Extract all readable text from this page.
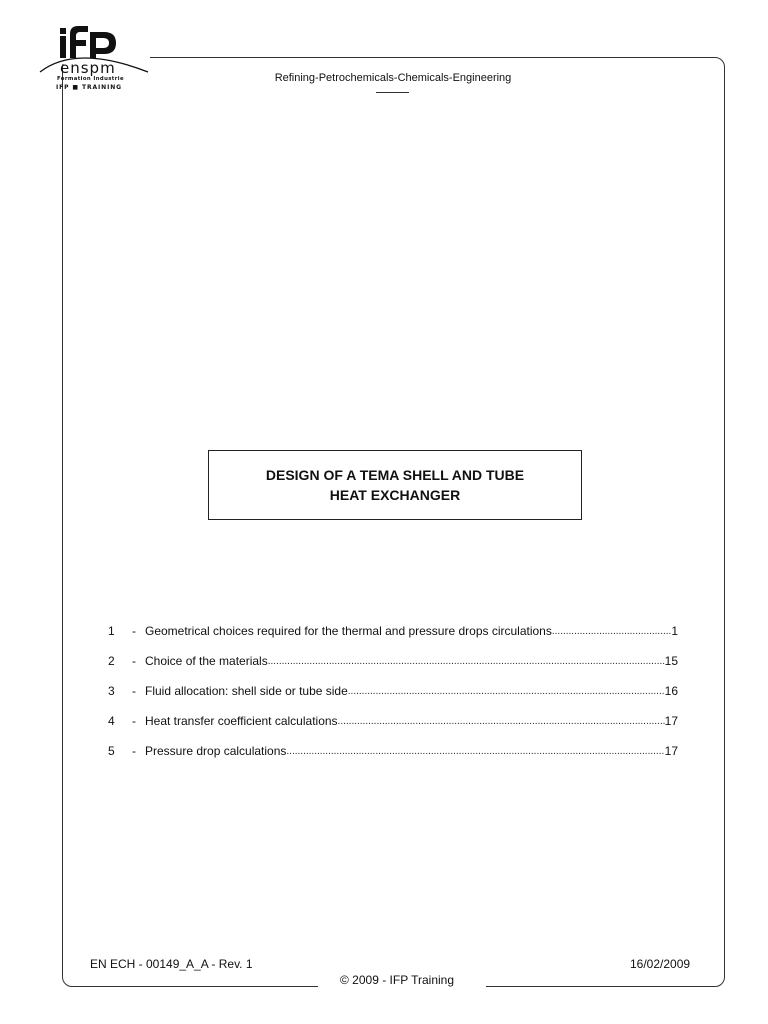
enspm
Formation Industrie
IFP ■ TRAINING
Refining-Petrochemicals-Chemicals-Engineering
DESIGN OF A TEMA SHELL AND TUBE
HEAT EXCHANGER
1	- Geometrical choices required for the thermal and pressure drops circulations .....	1
2	- Choice of the materials .....	15
3	- Fluid allocation: shell side or tube side .....	16
4	- Heat transfer coefficient calculations .....	17
5	- Pressure drop calculations .....	17
EN ECH - 00149_A_A - Rev. 1	16/02/2009
© 2009 - IFP Training
